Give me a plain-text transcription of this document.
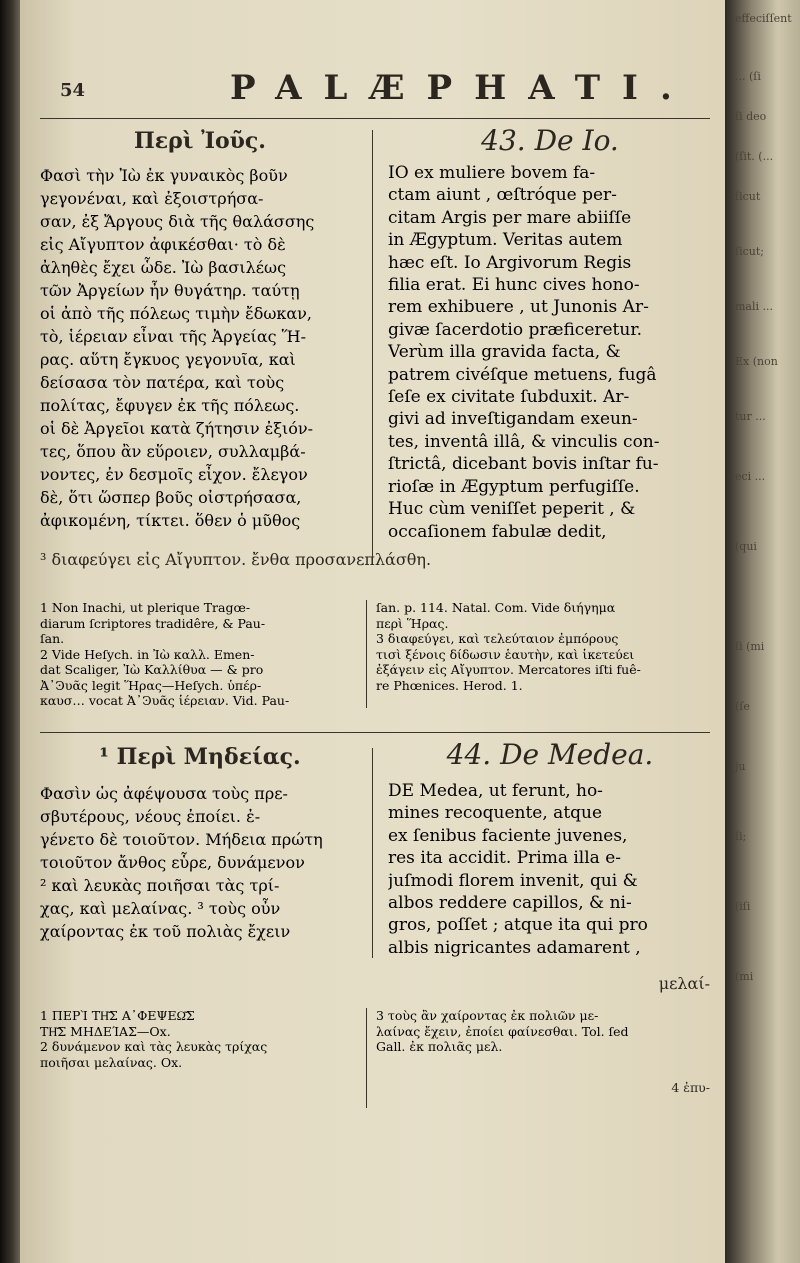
54	PALÆPHATI.
Περὶ Ἰοῦς.	43. De Io.
Φασὶ τὴν Ἰὼ ἐκ γυναικὸς βοῦν
γεγονέναι, καὶ ἐξοιστρήσα-
σαν, ἐξ Ἄργους διὰ τῆς θαλάσσης
εἰς Αἴγυπτον ἀφικέσθαι· τὸ δὲ
ἀληθὲς ἔχει ὧδε. Ἰὼ βασιλέως
τῶν Ἀργείων ἦν θυγάτηρ. ταύτῃ
οἱ ἀπὸ τῆς πόλεως τιμὴν ἔδωκαν,
τὸ, ἱέρειαν εἶναι τῆς Ἀργείας Ἥ-
ρας. αὕτη ἔγκυος γεγονυῖα, καὶ
δείσασα τὸν πατέρα, καὶ τοὺς
πολίτας, ἔφυγεν ἐκ τῆς πόλεως.
οἱ δὲ Ἀργεῖοι κατὰ ζήτησιν ἐξιόν-
τες, ὅπου ἂν εὕροιεν, συλλαμβά-
νοντες, ἐν δεσμοῖς εἶχον. ἔλεγον
δὲ, ὅτι ὥσπερ βοῦς οἰστρήσασα,
ἀφικομένη, τίκτει. ὅθεν ὁ μῦθος
IO ex muliere bovem fa-
ctam aiunt , œſtróque per-
citam Argis per mare abiiſſe
in Ægyptum. Veritas autem
hæc eſt. Io Argivorum Regis
filia erat. Ei hunc cives hono-
rem exhibuere , ut Junonis Ar-
givæ ſacerdotio præficeretur.
Verùm illa gravida facta, &
patrem civéſque metuens, fugâ
ſeſe ex civitate ſubduxit. Ar-
givi ad inveſtigandam exeun-
tes, inventâ illâ, & vinculis con-
ſtrictâ, dicebant bovis inſtar fu-
rioſæ in Ægyptum perfugiſſe.
Huc cùm veniſſet peperit , &
occaſionem fabulæ dedit,
³ διαφεύγει εἰς Αἴγυπτον. ἔνθα προσανεπλάσθη.
1 Non Inachi, ut plerique Tragœ-
diarum ſcriptores tradidêre, & Pau-
ſan.
2 Vide Heſych. in Ἰὼ καλλ. Emen-
dat Scaliger, Ἰὼ Καλλίθυα — & pro
Ἀ᾿Ͽυᾶς legit Ἥρας—Heſych. ὑπέρ-
καυσ… vocat Ἀ᾿Ͽυᾶς ἱέρειαν. Vid. Pau-
ſan. p. 114. Natal. Com. Vide διήγημα
περὶ Ἥρας.
3 διαφεύγει, καὶ τελεύταιον ἐμπόρους
τισὶ ξένοις δίδωσιν ἑαυτὴν, καὶ ἱκετεύει
ἐξάγειν εἰς Αἴγυπτον. Mercatores iſti fuê-
re Phœnices. Herod. 1.
¹ Περὶ Μηδείας.	44. De Medea.
Φασὶν ὡς ἀφέψουσα τοὺς πρε-
σβυτέρους, νέους ἐποίει. ἐ-
γένετο δὲ τοιοῦτον. Μήδεια πρώτη
τοιοῦτον ἄνθος εὗρε, δυνάμενον
² καὶ λευκὰς ποιῆσαι τὰς τρί-
χας, καὶ μελαίνας. ³ τοὺς οὖν
χαίροντας ἐκ τοῦ πολιὰς ἔχειν
DE Medea, ut ferunt, ho-
mines recoquente, atque
ex ſenibus faciente juvenes,
res ita accidit. Prima illa e-
juſmodi florem invenit, qui &
albos reddere capillos, & ni-
gros, poſſet ; atque ita qui pro
albis nigricantes adamarent ,
μελαί-
1 ΠΕΡῚ ΤΗ͂Σ Α᾿ΦΕΨΕΩ͂Σ
ΤΗ͂Σ ΜΗΔΕΊΑΣ—Ox.
2 δυνάμενον καὶ τὰς λευκὰς τρίχας
ποιῆσαι μελαίνας. Ox.
3 τοὺς ἂν χαίροντας ἐκ πολιῶν με-
λαίνας ἔχειν, ἐποίει φαίνεσθαι. Tol. ſed
Gall. ἐκ πολιᾶς μελ.
4 ἐπυ-
effeciſſent
... (ſi
ſi deo
(ſit. (...
ſicut
ſicut;
mali ...
Ex (non
tur ...
eci ...
(qui
ſi (mi
(ſe
ju
ſi;
(iſi
(mi
